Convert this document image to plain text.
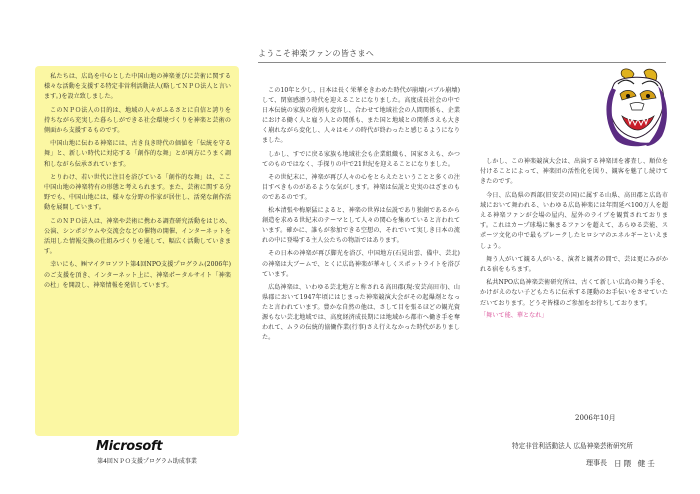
私たちは、広島を中心とした中国山地の神楽並びに芸術に関する様々な活動を支援する特定非営利活動法人(略してＮＰＯ法人と言います。)を設立致しました。

このＮＰＯ法人の目的は、地域の人々がふるさとに自信と誇りを持ちながら充実した暮らしができる社会環境づくりを神楽と芸術の側面から支援するものです。

中国山地に伝わる神楽には、古き良き時代の価値を「伝統を守る舞」と、新しい時代に対応する「創作的な舞」とが両方にうまく調和しながら伝承されています。

とりわけ、若い世代に注目を浴びている「創作的な舞」は、ここ中国山地の神楽特有の形態と考えられます。また、芸術に関する分野でも、中国山地には、様々な分野の作家が居住し、活発な創作活動を展開しています。

このＮＰＯ法人は、神楽や芸術に携わる調査研究活動をはじめ、公演、シンポジウムや交流会などの催物の開催、インターネットを活用した情報交換の仕組みづくりを通して、幅広く活動していきます。

幸いにも、㈱マイクロソフト第4回NPO支援プログラム(2006年)のご支援を頂き、インターネット上に、神楽ポータルサイト「神楽の杜」を開設し、神楽情報を発信しています。

Microsoft
第4回ＮＰＯ支援プログラム助成事業
ようこそ神楽ファンの皆さまへ

この10年と少し、日本は長く栄華をきわめた時代が崩壊(バブル崩壊)して、閉塞感漂う時代を迎えることになりました。高度成長社会の中で日本伝統の家族の役割も変容し、合わせて地域社会の人間関係も、企業における働く人と雇う人との関係も、また国と地域との関係さえも大きく崩れながら変化し、人々はモノの時代が終わったと感じるようになりました。

しかし、すでに戻る家族も地域社会も企業組織も、国家さえも、かつてのものではなく、手探りの中で21世紀を迎えることになりました。

その世紀末に、神楽が再び人々の心をとらえたということと多くの注目すべきものがあるような気がします。神楽は伝説と史実のはざまのものであるのです。

松本清張や梅原猛によると、神楽の世界は伝説であり独創であるから創造を求める世紀末のテーマとして人々の関心を集めていると言われています。確かに、誰もが参加できる空想の、それでいて実しき日本の流れの中に登場する主人公たちの物語ではあります。

その日本の神楽が再び脚光を浴び、中国地方(石見出雲、備中、芸北)の神楽は大ブームで、とくに広島神楽が華々しくスポットライトを浴びています。

広島神楽は、いわゆる芸北地方と称される高田郡(現:安芸高田市)、山県郡において1947年頃にはじまった神楽競演大会がその起爆剤となったと言われています。豊かな自然の他は、さして目を張るほどの観光資源もない芸北地域では、高度経済成長期には地域から都市へ働き手を奪われて、ムラの伝統的協働作業(行事)さえ行えなかった時代がありました。

しかし、この神楽競演大会は、出演する神楽団を審査し、順位を付けることによって、神楽団の活性化を図り、観客を魅了し続けてきたのです。

今日、広島県の西部(旧安芸の国)に属する山県、高田郡と広島市域において舞われる、いわゆる広島神楽には年間延べ100万人を超える神楽ファンが会場の屋内、屋外のライブを観賞されております。これはカープ球場に集まるファンを超えて、あらゆる芸能、スポーツ文化の中で最もブレークしたヒロシマのエネルギーといえましょう。

舞う人がいて観る人がいる、演者と観者の間で、芸は更にみがかれる宿をもちます。

私共NPO広島神楽芸術研究所は、古くて新しい広島の舞う手を、かけがえのない子どもたちに伝承する運動のお手伝いをさせていただいております。どうぞ皆様のご参加をお待ちしております。

「舞いて能、華となれ」

2006年10月
特定非営利活動法人 広島神楽芸術研究所
理事長 日隈 健壬
